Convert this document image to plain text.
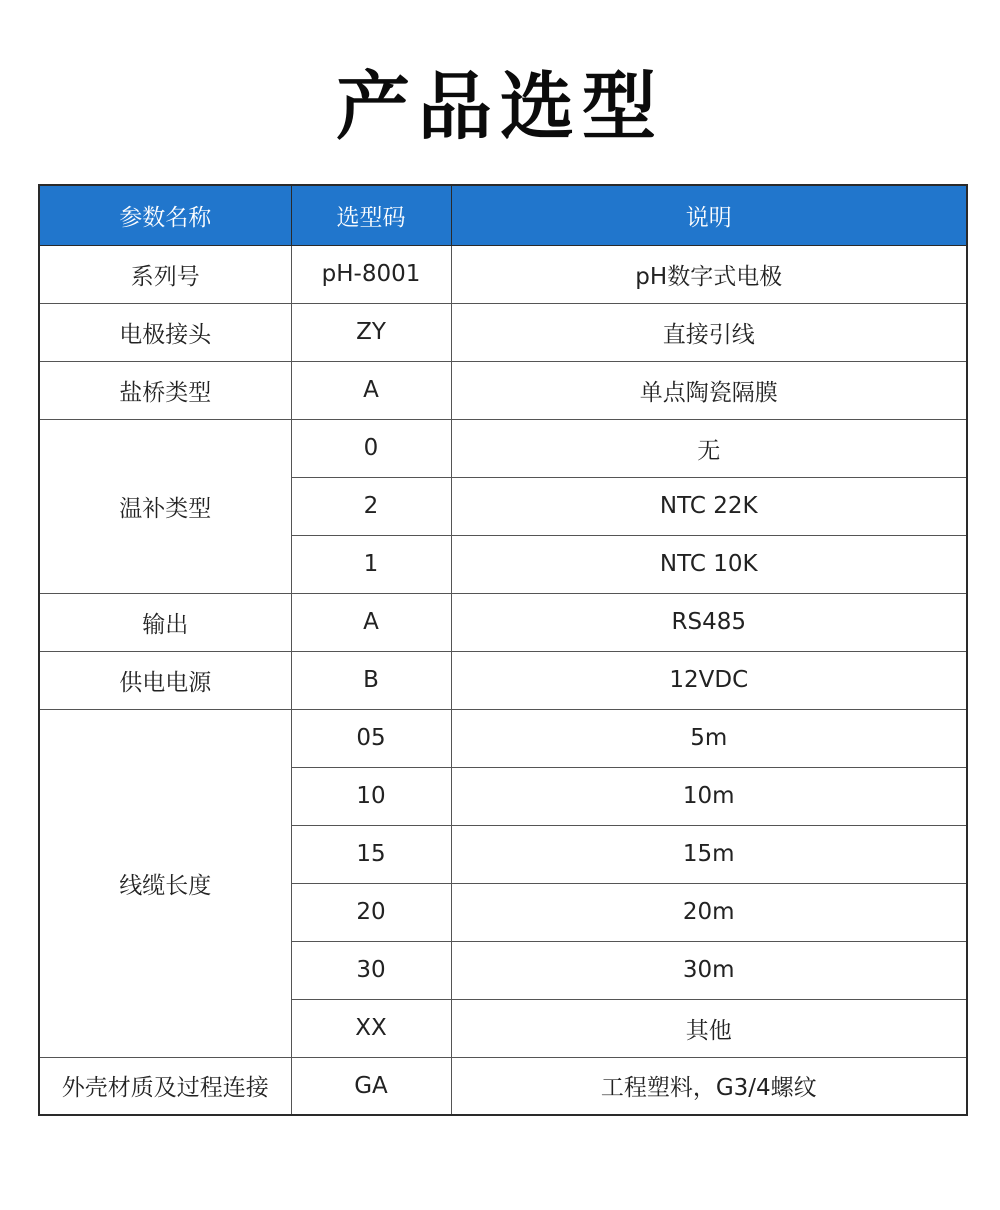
产品选型
参数名称	选型码	说明
系列号	pH-8001	pH数字式电极
电极接头	ZY	直接引线
盐桥类型	A	单点陶瓷隔膜
温补类型	0	无
	2	NTC 22K
	1	NTC 10K
输出	A	RS485
供电电源	B	12VDC
线缆长度	05	5m
	10	10m
	15	15m
	20	20m
	30	30m
	XX	其他
外壳材质及过程连接	GA	工程塑料，G3/4螺纹
